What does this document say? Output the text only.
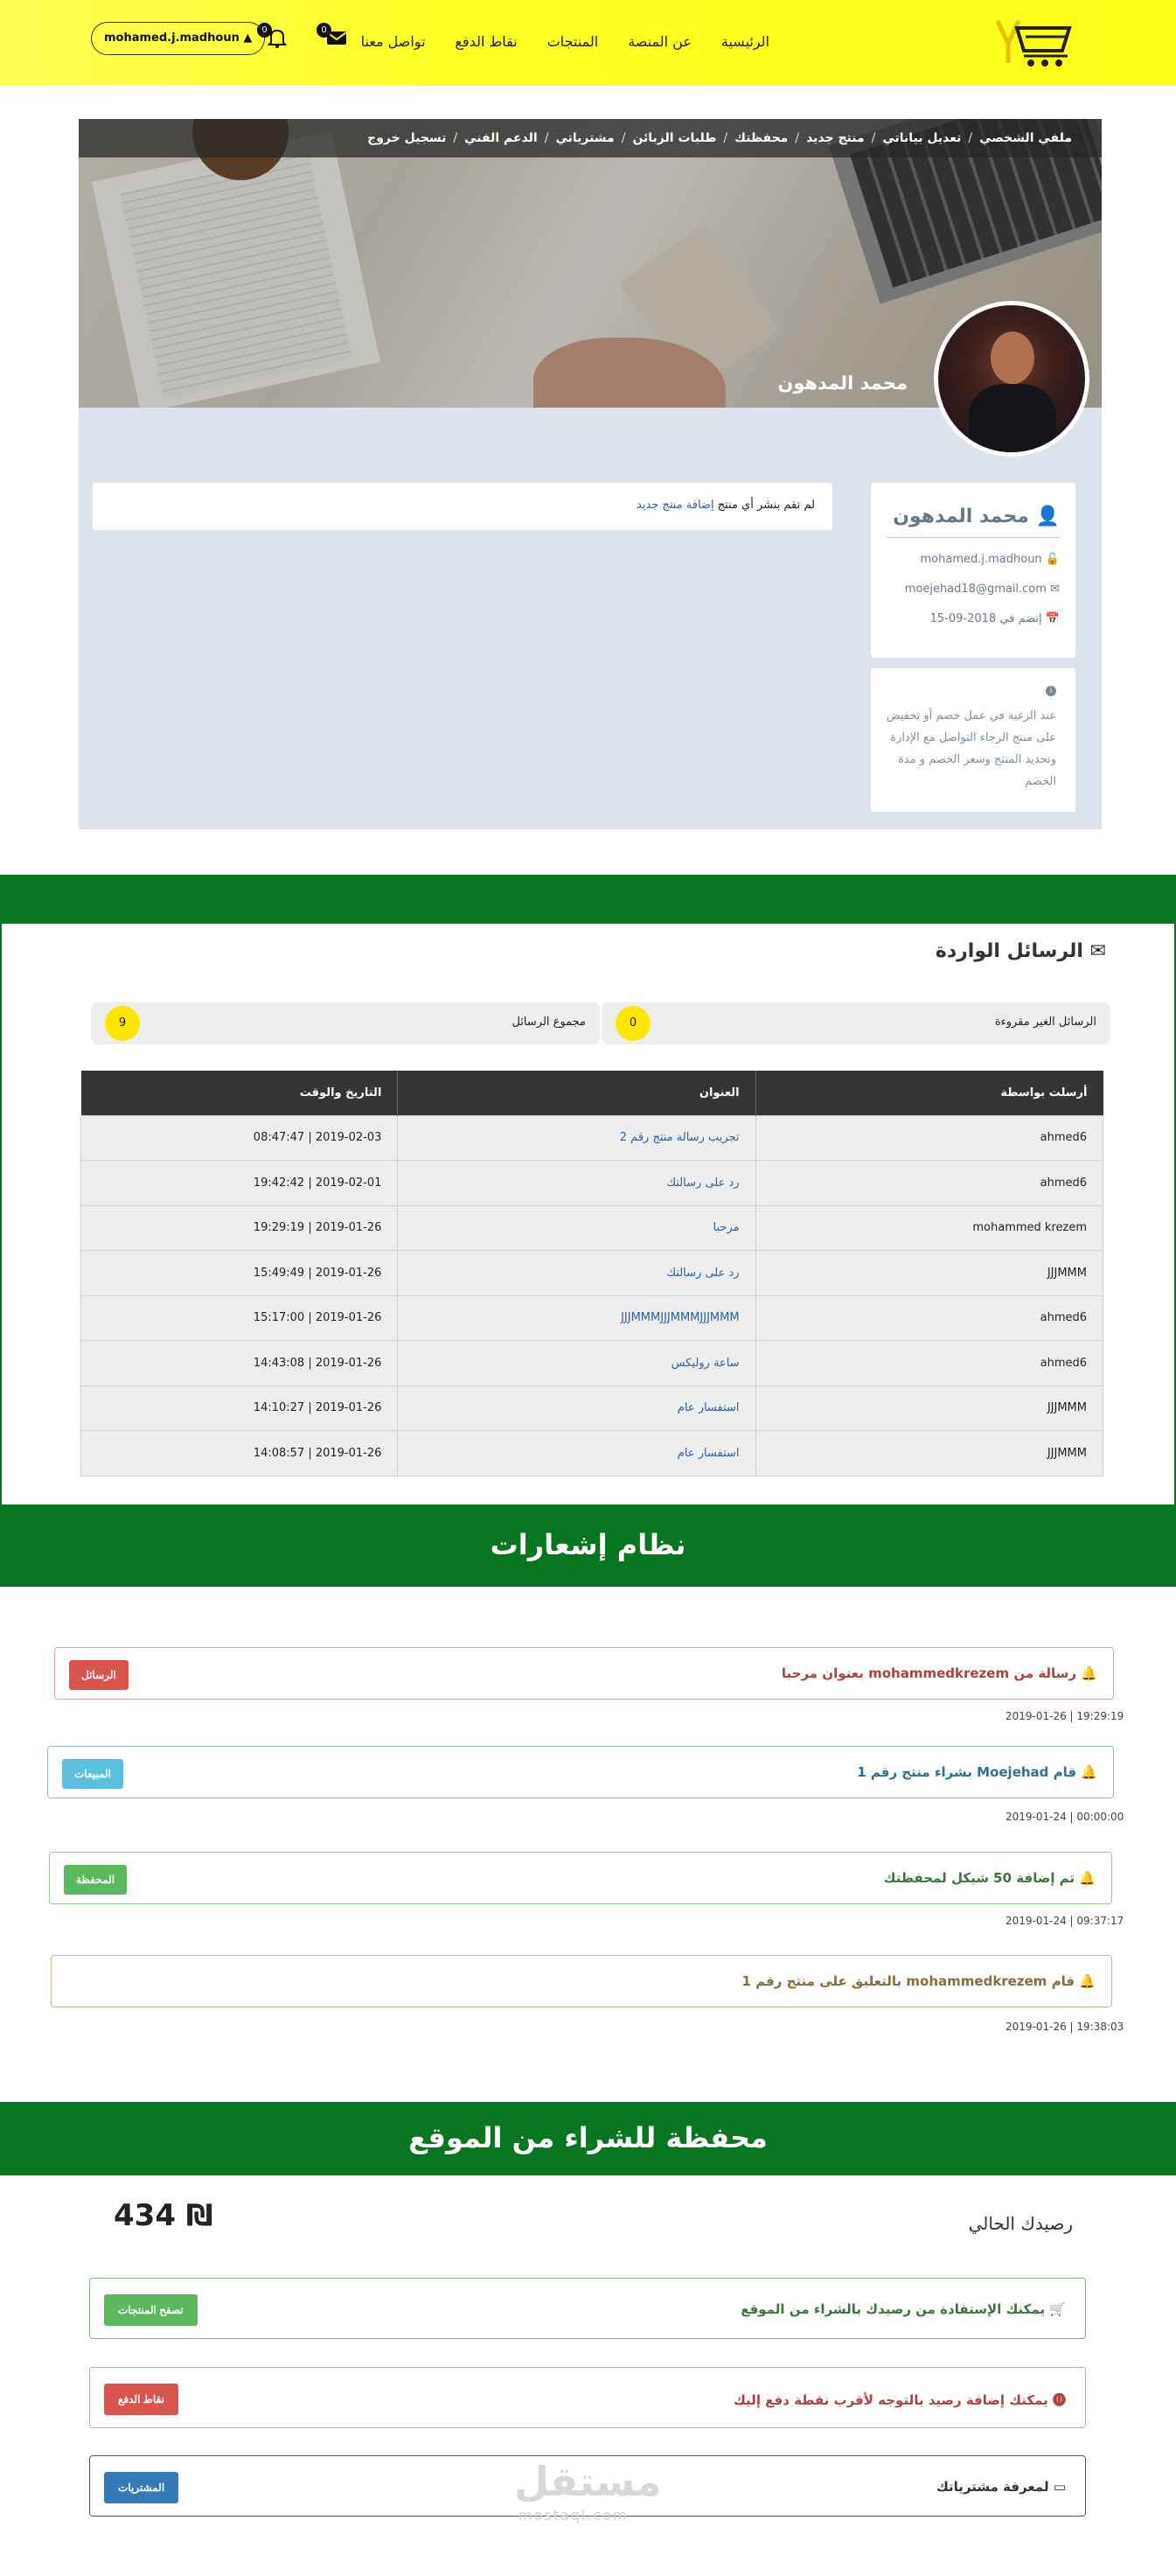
الرئيسية
عن المنصة
المنتجات
نقاط الدفع
تواصل معنا
0
0
mohamed.j.madhoun ▲
ملفي الشخصي
/
تعديل بياناتي
/
منتج جديد
/
محفظتك
/
طلبات الزبائن
/
مشترياتي
/
الدعم الفني
/
تسجيل خروج
محمد المدهون
لم تقم بنشر أي منتج إضافة منتج جديد
👤 محمد المدهون
🔓 mohamed.j.madhoun
✉ moejehad18@gmail.com
📅 إنضم في 2018-09-15
i
عند الرغبة في عمل خصم أو تخفيض على منتج الرجاء التواصل مع الإدارة وتحديد المنتج وسعر الخصم و مدة الخصم
✉ الرسائل الواردة
الرسائل الغير مقروءة
0
مجموع الرسائل
9
أرسلت بواسطة	العنوان	التاريخ والوقت
ahmed6	تجريب رسالة منتج رقم 2	2019-02-03 | 08:47:47
ahmed6	رد على رسالتك	2019-02-01 | 19:42:42
mohammed krezem	مرحبا	2019-01-26 | 19:29:19
JJJMMM	رد على رسالتك	2019-01-26 | 15:49:49
ahmed6	JJJMMMJJJMMMJJJMMM	2019-01-26 | 15:17:00
ahmed6	ساعة روليكس	2019-01-26 | 14:43:08
JJJMMM	استفسار عام	2019-01-26 | 14:10:27
JJJMMM	استفسار عام	2019-01-26 | 14:08:57
نظام إشعارات
🔔 رسالة من mohammedkrezem بعنوان مرحبا
الرسائل
2019-01-26 | 19:29:19
🔔 قام Moejehad بشراء منتج رقم 1
المبيعات
2019-01-24 | 00:00:00
🔔 تم إضافة 50 شيكل لمحفظتك
المحفظة
2019-01-24 | 09:37:17
🔔 قام mohammedkrezem بالتعليق على منتج رقم 1
2019-01-26 | 19:38:03
محفظة للشراء من الموقع
رصيدك الحالي
434 ₪
🛒 يمكنك الإستفادة من رصيدك بالشراء من الموقع
تصفح المنتجات
⓿ يمكنك إضافة رصيد بالتوجه لأقرب نقطة دفع إليك
نقاط الدفع
▭ لمعرفة مشترياتك
المشتريات	مستقل
mostaql.com
